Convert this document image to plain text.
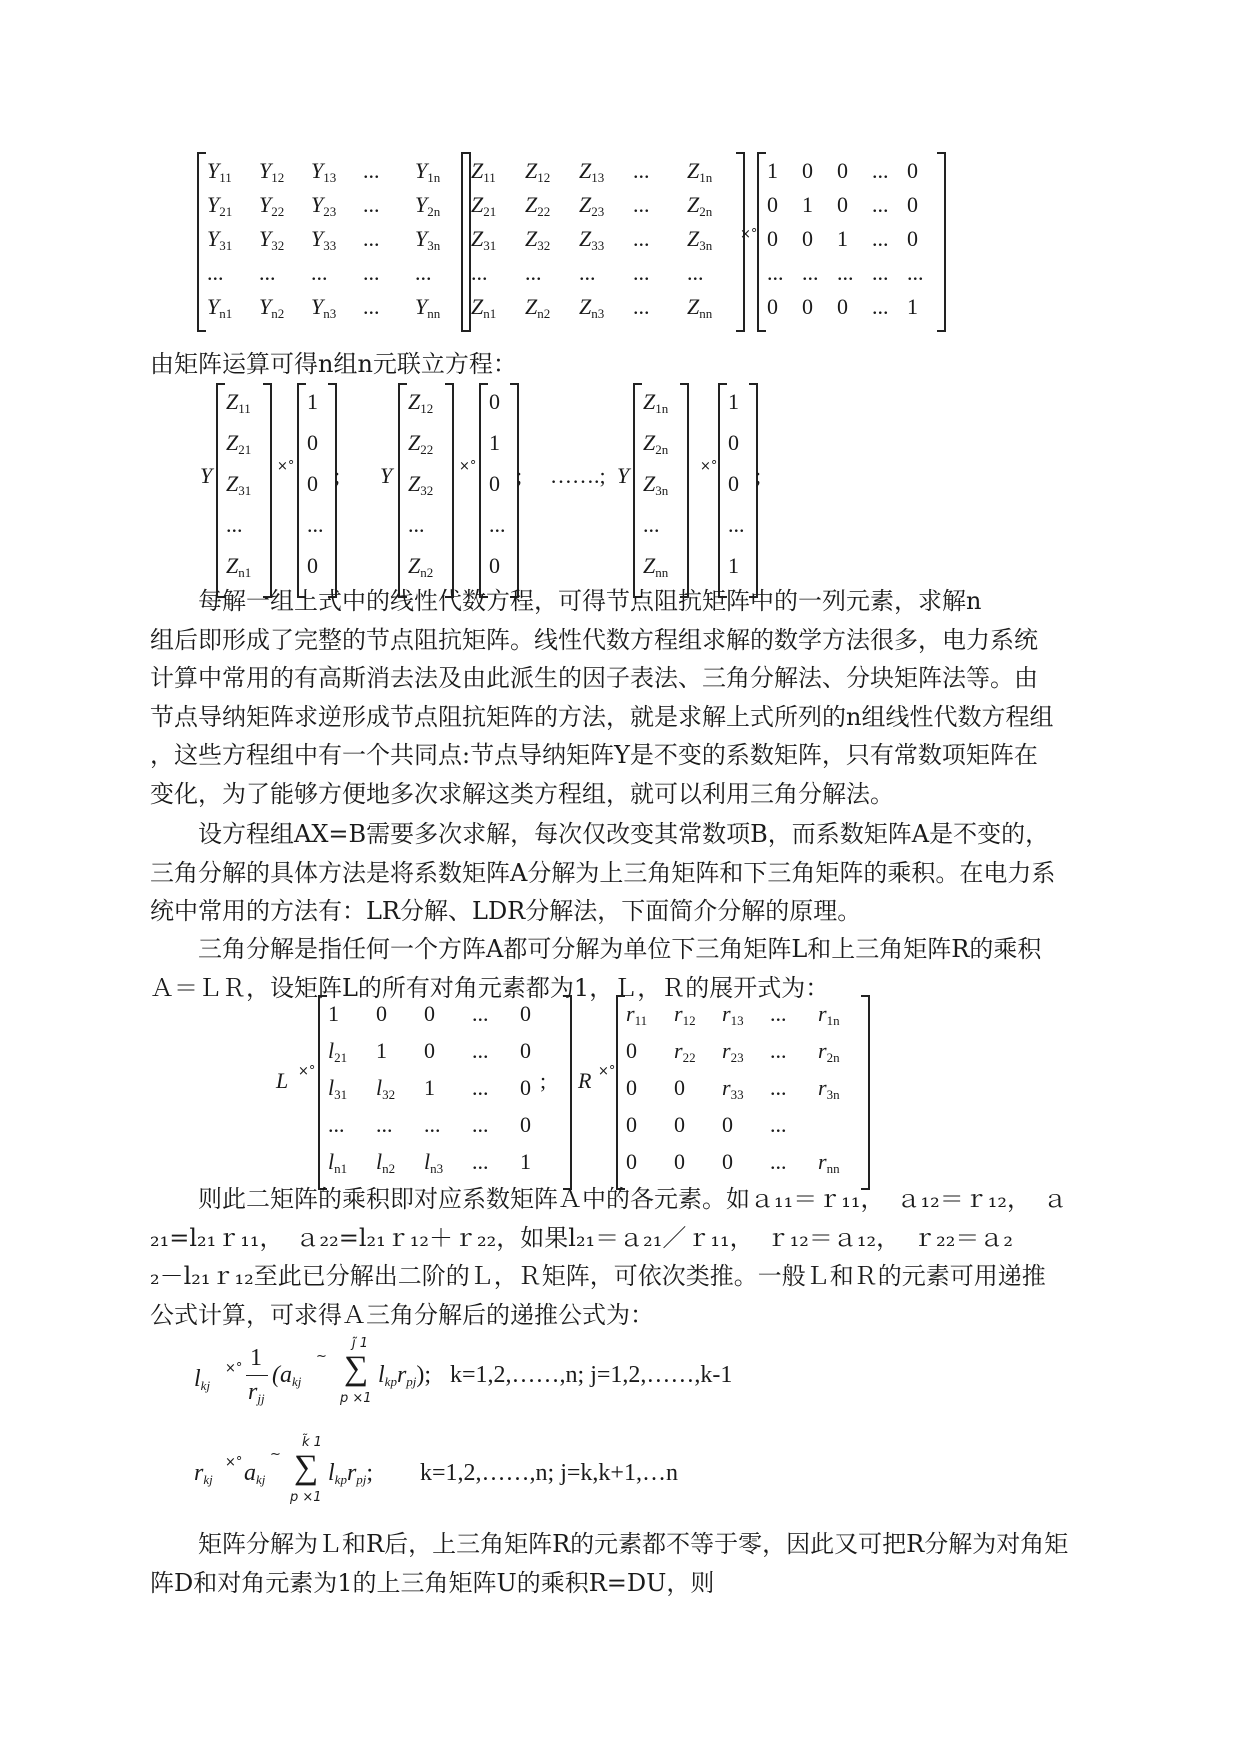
$Y_{11}$ $Y_{12}$ $Y_{13}$ ... $Y_{1n}$
$Y_{21}$ $Y_{22}$ $Y_{23}$ ... $Y_{2n}$
$Y_{31}$ $Y_{32}$ $Y_{33}$ ... $Y_{3n}$
... ... ... ... ...
$Y_{n1}$ $Y_{n2}$ $Y_{n3}$ ... $Y_{nn}$
$Z_{11}$ $Z_{12}$ $Z_{13}$ ... $Z_{1n}$
$Z_{21}$ $Z_{22}$ $Z_{23}$ ... $Z_{2n}$
$Z_{31}$ $Z_{32}$ $Z_{33}$ ... $Z_{3n}$
... ... ... ... ...
$Z_{n1}$ $Z_{n2}$ $Z_{n3}$ ... $Z_{nn}$
×°
1 0 0 ... 0
0 1 0 ... 0
0 0 1 ... 0
... ... ... ... ...
0 0 0 ... 1

由矩阵运算可得n组n元联立方程：

Y
$Z_{11}$
$Z_{21}$
$Z_{31}$
...
$Z_{n1}$
×°
1
0
0
...
0
; Y
$Z_{12}$
$Z_{22}$
$Z_{32}$
...
$Z_{n2}$
×°
0
1
0
...
0
; …….; Y
$Z_{1n}$
$Z_{2n}$
$Z_{3n}$
...
$Z_{nn}$
×°
1
0
0
...
1
;

每解一组上式中的线性代数方程，可得节点阻抗矩阵中的一列元素，求解n
组后即形成了完整的节点阻抗矩阵。线性代数方程组求解的数学方法很多，电力系统
计算中常用的有高斯消去法及由此派生的因子表法、三角分解法、分块矩阵法等。由
节点导纳矩阵求逆形成节点阻抗矩阵的方法，就是求解上式所列的n组线性代数方程组
，这些方程组中有一个共同点:节点导纳矩阵Y是不变的系数矩阵，只有常数项矩阵在
变化，为了能够方便地多次求解这类方程组，就可以利用三角分解法。

设方程组AX=B需要多次求解，每次仅改变其常数项B，而系数矩阵A是不变的，
三角分解的具体方法是将系数矩阵A分解为上三角矩阵和下三角矩阵的乘积。在电力系
统中常用的方法有：LR分解、LDR分解法，下面简介分解的原理。

三角分解是指任何一个方阵A都可分解为单位下三角矩阵L和上三角矩阵R的乘积
Ａ＝ＬＲ，设矩阵L的所有对角元素都为1，Ｌ，Ｒ的展开式为：

L ×°
1 0 0 ... 0
$l_{21}$ 1 0 ... 0
$l_{31}$ $l_{32}$ 1 ... 0
... ... ... ... 0
$l_{n1}$ $l_{n2}$ $l_{n3}$ ... 1
; R ×°
$r_{11}$ $r_{12}$ $r_{13}$ ... $r_{1n}$
0 $r_{22}$ $r_{23}$ ... $r_{2n}$
0 0 $r_{33}$ ... $r_{3n}$
0 0 0 ...
0 0 0 ... $r_{nn}$

则此二矩阵的乘积即对应系数矩阵Ａ中的各元素。如ａ₁₁＝ｒ₁₁，　ａ₁₂＝ｒ₁₂，　ａ
₂₁=l₂₁ｒ₁₁，　ａ₂₂=l₂₁ｒ₁₂＋ｒ₂₂，如果l₂₁＝ａ₂₁／ｒ₁₁，　ｒ₁₂＝ａ₁₂，　ｒ₂₂＝ａ₂
₂－l₂₁ｒ₁₂至此已分解出二阶的Ｌ，Ｒ矩阵，可依次类推。一般Ｌ和Ｒ的元素可用递推
公式计算，可求得Ａ三角分解后的递推公式为：

$l_{kj}$
×° 1
$r_{jj}$
($a_{kj}$
~
j̃ 1
∑
p ×1
$l_{kp}r_{pj}$); k=1,2,……,n; j=1,2,……,k-1
$r_{kj}$
×° $a_{kj}$
~
k̃ 1
∑
p ×1
$l_{kp}r_{pj}$; k=1,2,……,n; j=k,k+1,…n

矩阵分解为Ｌ和R后，上三角矩阵R的元素都不等于零，因此又可把R分解为对角矩
阵D和对角元素为1的上三角矩阵U的乘积R=DU，则
